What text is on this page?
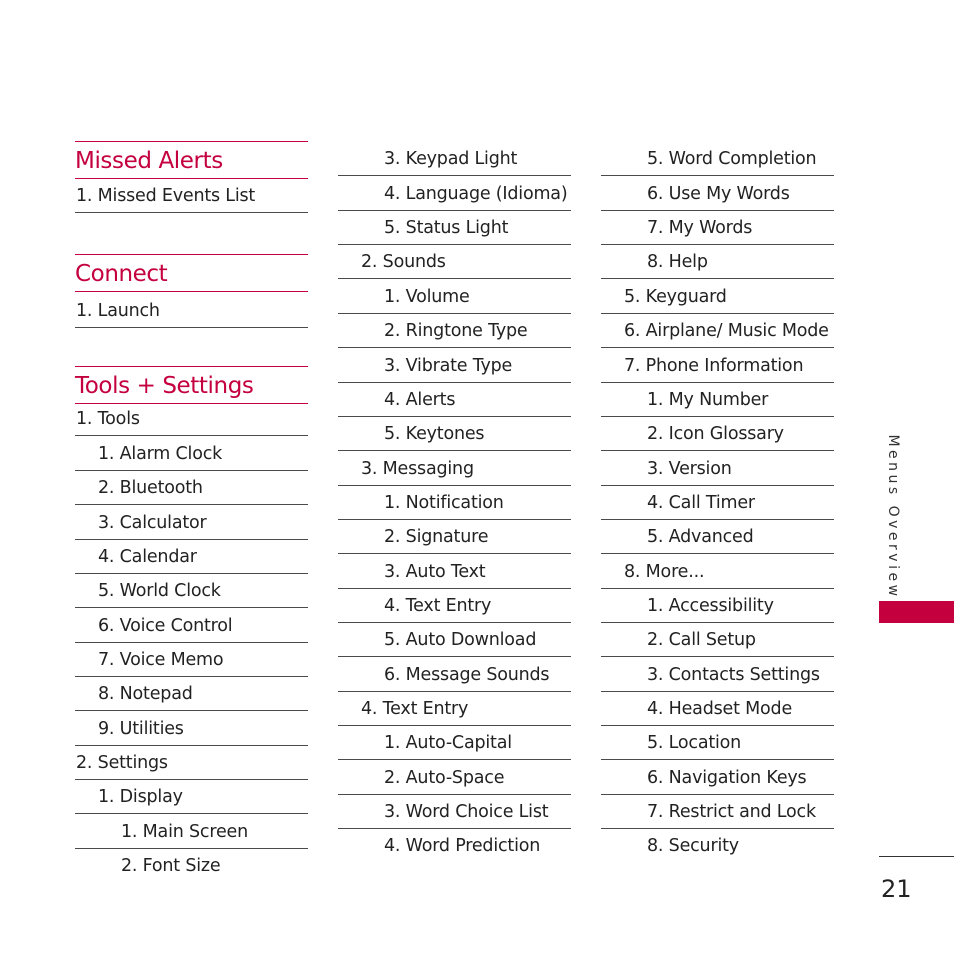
Missed Alerts
1. Missed Events List
Connect
1. Launch
Tools + Settings
1. Tools
1. Alarm Clock
2. Bluetooth
3. Calculator
4. Calendar
5. World Clock
6. Voice Control
7. Voice Memo
8. Notepad
9. Utilities
2. Settings
1. Display
1. Main Screen
2. Font Size
3. Keypad Light
4. Language (Idioma)
5. Status Light
2. Sounds
1. Volume
2. Ringtone Type
3. Vibrate Type
4. Alerts
5. Keytones
3. Messaging
1. Notification
2. Signature
3. Auto Text
4. Text Entry
5. Auto Download
6. Message Sounds
4. Text Entry
1. Auto-Capital
2. Auto-Space
3. Word Choice List
4. Word Prediction
5. Word Completion
6. Use My Words
7. My Words
8. Help
5. Keyguard
6. Airplane/ Music Mode
7. Phone Information
1. My Number
2. Icon Glossary
3. Version
4. Call Timer
5. Advanced
8. More...
1. Accessibility
2. Call Setup
3. Contacts Settings
4. Headset Mode
5. Location
6. Navigation Keys
7. Restrict and Lock
8. Security
Menus Overview
21
